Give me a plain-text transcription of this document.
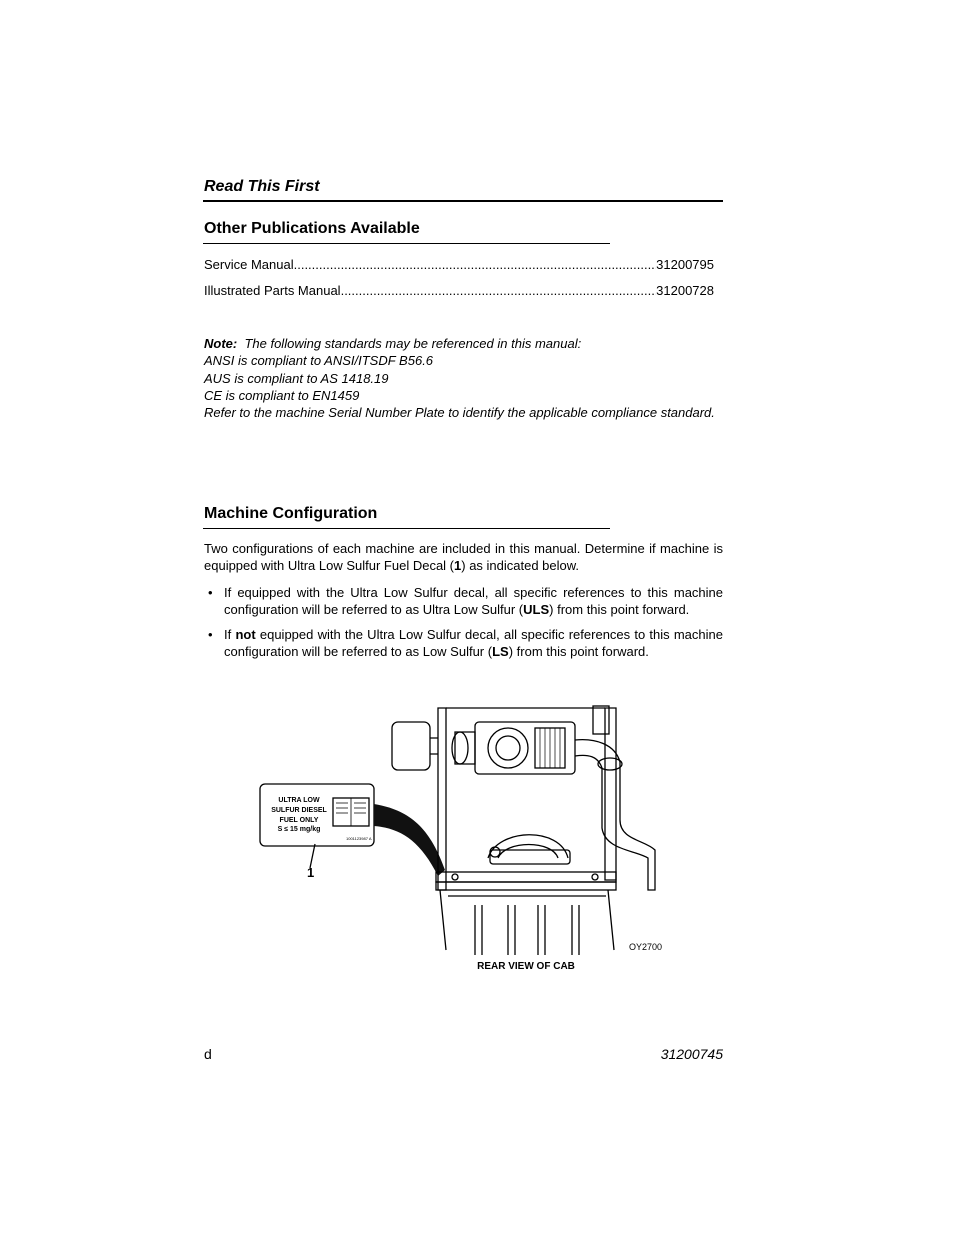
Read This First
Other Publications Available
Service Manual .....	31200795
Illustrated Parts Manual .....	31200728
Note: The following standards may be referenced in this manual:
ANSI is compliant to ANSI/ITSDF B56.6
AUS is compliant to AS 1418.19
CE is compliant to EN1459
Refer to the machine Serial Number Plate to identify the applicable compliance standard.
Machine Configuration
Two configurations of each machine are included in this manual. Determine if machine is equipped with Ultra Low Sulfur Fuel Decal (1) as indicated below.
• If equipped with the Ultra Low Sulfur decal, all specific references to this machine configuration will be referred to as Ultra Low Sulfur (ULS) from this point forward.
• If not equipped with the Ultra Low Sulfur decal, all specific references to this machine configuration will be referred to as Low Sulfur (LS) from this point forward.
ULTRA LOW
SULFUR DIESEL
FUEL ONLY
S ≤ 15 mg/kg
1001123987 A
1
OY2700
REAR VIEW OF CAB
d	31200745
